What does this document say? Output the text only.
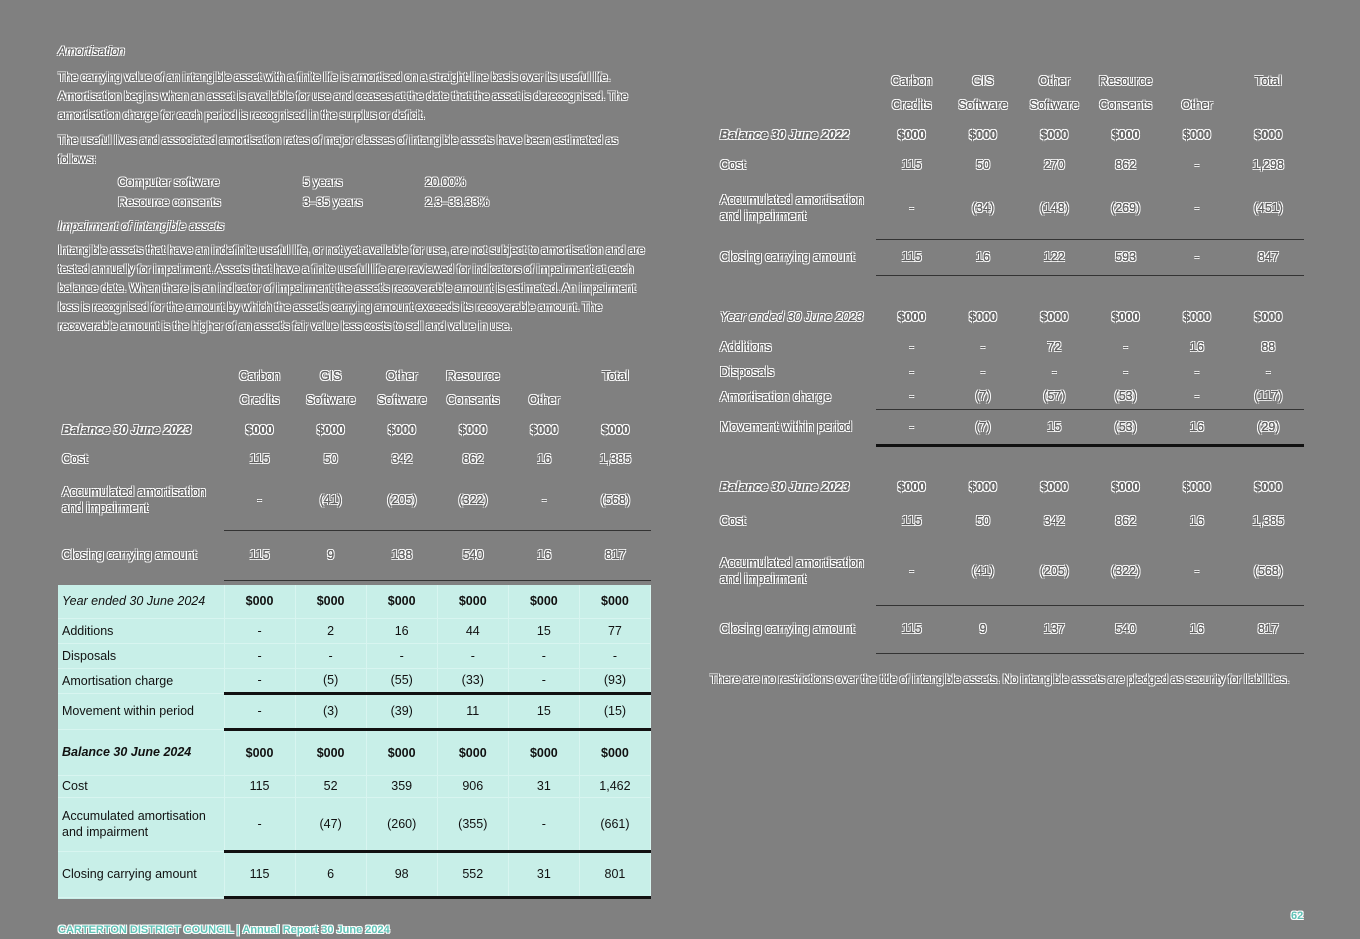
Amortisation
The carrying value of an intangible asset with a finite life is amortised on a straight-line basis over its useful life. Amortisation begins when an asset is available for use and ceases at the date that the asset is derecognised. The amortisation charge for each period is recognised in the surplus or deficit.
The useful lives and associated amortisation rates of major classes of intangible assets have been estimated as follows:
Computer software	5 years	20.00%
Resource consents	3–35 years	2.3–33.33%
Impairment of intangible assets
Intangible assets that have an indefinite useful life, or not yet available for use, are not subject to amortisation and are tested annually for impairment. Assets that have a finite useful life are reviewed for indicators of impairment at each balance date. When there is an indicator of impairment the asset's recoverable amount is estimated. An impairment loss is recognised for the amount by which the asset's carrying amount exceeds its recoverable amount. The recoverable amount is the higher of an asset's fair value less costs to sell and value in use.
	Carbon	GIS	Other	Resource		Total
	Credits	Software	Software	Consents	Other	
Balance 30 June 2023	$000	$000	$000	$000	$000	$000
Cost	115	50	342	862	16	1,385
Accumulated amortisation and impairment	-	(41)	(205)	(322)	-	(568)
Closing carrying amount	115	9	138	540	16	817
Year ended 30 June 2024	$000	$000	$000	$000	$000	$000
Additions	-	2	16	44	15	77
Disposals	-	-	-	-	-	-
Amortisation charge	-	(5)	(55)	(33)	-	(93)
Movement within period	-	(3)	(39)	11	15	(15)
Balance 30 June 2024	$000	$000	$000	$000	$000	$000
Cost	115	52	359	906	31	1,462
Accumulated amortisation and impairment	-	(47)	(260)	(355)	-	(661)
Closing carrying amount	115	6	98	552	31	801
	Carbon	GIS	Other	Resource		Total
	Credits	Software	Software	Consents	Other	
Balance 30 June 2022	$000	$000	$000	$000	$000	$000
Cost	115	50	270	862	-	1,298
Accumulated amortisation and impairment	-	(34)	(148)	(269)	-	(451)
Closing carrying amount	115	16	122	593	-	847

Year ended 30 June 2023	$000	$000	$000	$000	$000	$000
Additions	-	-	72	-	16	88
Disposals	-	-	-	-	-	-
Amortisation charge	-	(7)	(57)	(53)	-	(117)
Movement within period	-	(7)	15	(53)	16	(29)

Balance 30 June 2023	$000	$000	$000	$000	$000	$000
Cost	115	50	342	862	16	1,385
Accumulated amortisation and impairment	-	(41)	(205)	(322)	-	(568)
Closing carrying amount	115	9	137	540	16	817
There are no restrictions over the title of intangible assets. No intangible assets are pledged as security for liabilities.
CARTERTON DISTRICT COUNCIL | Annual Report 30 June 2024
62
